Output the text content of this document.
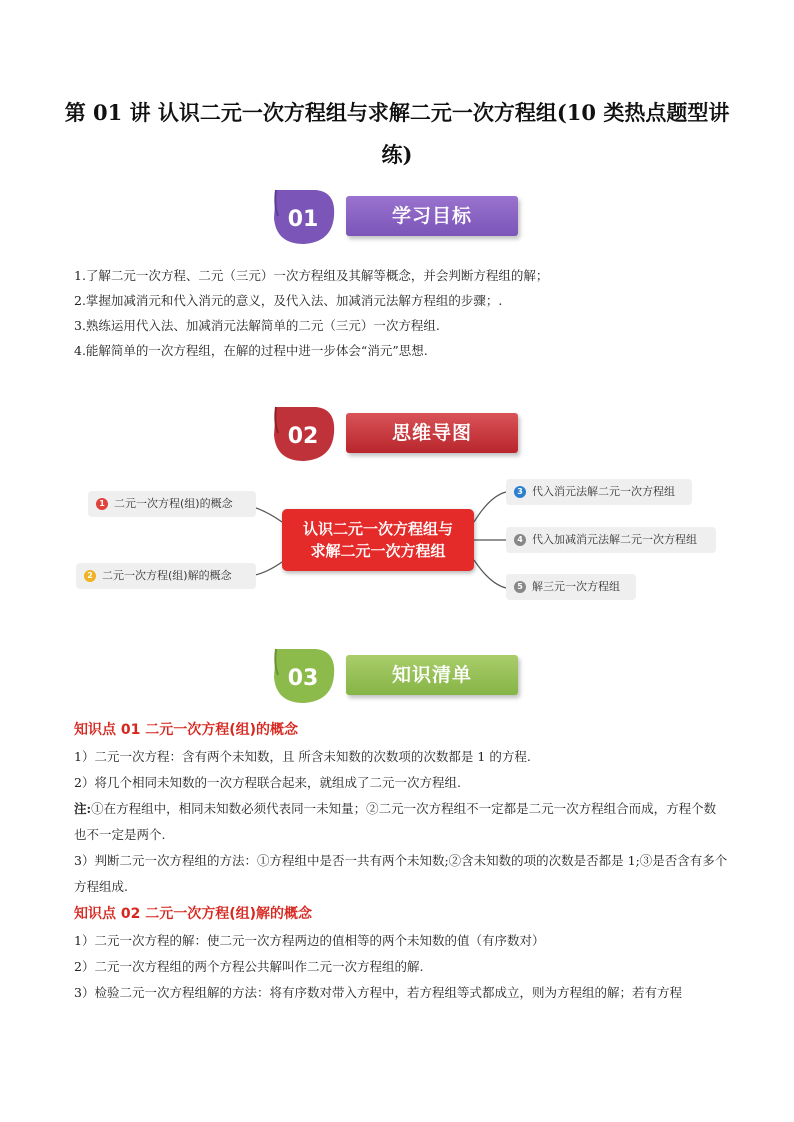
第 01 讲 认识二元一次方程组与求解二元一次方程组(10 类热点题型讲练)
01	学习目标

1.了解二元一次方程、二元（三元）一次方程组及其解等概念，并会判断方程组的解；

2.掌握加减消元和代入消元的意义，及代入法、加减消元法解方程组的步骤；.

3.熟练运用代入法、加减消元法解简单的二元（三元）一次方程组.

4.能解简单的一次方程组，在解的过程中进一步体会“消元”思想.

02	思维导图
1 二元一次方程(组)的概念
2 二元一次方程(组)解的概念
3 代入消元法解二元一次方程组
4 代入加减消元法解二元一次方程组
5 解三元一次方程组
认识二元一次方程组与
求解二元一次方程组
03	知识清单

知识点 01 二元一次方程(组)的概念

1）二元一次方程：含有两个未知数，且 所含未知数的次数项的次数都是 1 的方程.

2）将几个相同未知数的一次方程联合起来，就组成了二元一次方程组.

注:①在方程组中，相同未知数必须代表同一未知量；②二元一次方程组不一定都是二元一次方程组合而成，方程个数也不一定是两个.

3）判断二元一次方程组的方法：①方程组中是否一共有两个未知数;②含未知数的项的次数是否都是 1;③是否含有多个方程组成.

知识点 02 二元一次方程(组)解的概念

1）二元一次方程的解：使二元一次方程两边的值相等的两个未知数的值（有序数对）

2）二元一次方程组的两个方程公共解叫作二元一次方程组的解.

3）检验二元一次方程组解的方法：将有序数对带入方程中，若方程组等式都成立，则为方程组的解；若有方程
